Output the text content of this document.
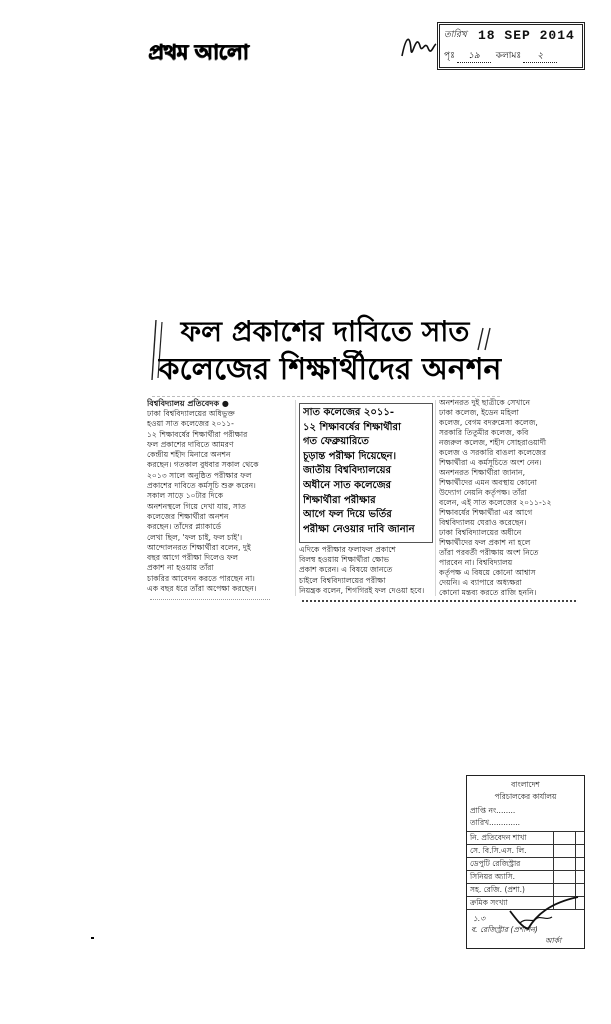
প্রথম আলো
তারিখ 18 SEP 2014
পৃঃ ১৯ কলামঃ ২
ফল প্রকাশের দাবিতে সাত
কলেজের শিক্ষার্থীদের অনশন
বিশ্ববিদ্যালয় প্রতিবেদক ●
ঢাকা বিশ্ববিদ্যালয়ের অধিভুক্ত
হওয়া সাত কলেজের ২০১১-
১২ শিক্ষাবর্ষের শিক্ষার্থীরা পরীক্ষার
ফল প্রকাশের দাবিতে আমরণ
কেন্দ্রীয় শহীদ মিনারে অনশন
করছেন। গতকাল বুধবার সকাল থেকে
২০১৩ সালে অনুষ্ঠিত পরীক্ষার ফল
প্রকাশের দাবিতে কর্মসূচি শুরু করেন।
সকাল সাড়ে ১০টার দিকে
অনশনস্থলে গিয়ে দেখা যায়, সাত
কলেজের শিক্ষার্থীরা অনশন
করছেন। তাঁদের প্ল্যাকার্ডে
লেখা ছিল, 'ফল চাই, ফল চাই'।
আন্দোলনরত শিক্ষার্থীরা বলেন, দুই
বছর আগে পরীক্ষা দিলেও ফল
প্রকাশ না হওয়ায় তাঁরা
চাকরির আবেদন করতে পারছেন না।
এক বছর ধরে তাঁরা অপেক্ষা করছেন।
সাত কলেজের ২০১১-
১২ শিক্ষাবর্ষের শিক্ষার্থীরা
গত ফেব্রুয়ারিতে
চূড়ান্ত পরীক্ষা দিয়েছেন।
জাতীয় বিশ্ববিদ্যালয়ের
অধীনে সাত কলেজের
শিক্ষার্থীরা পরীক্ষার
আগে ফল দিয়ে ভর্তির
পরীক্ষা নেওয়ার দাবি জানান
এদিকে পরীক্ষার ফলাফল প্রকাশে
বিলম্ব হওয়ায় শিক্ষার্থীরা ক্ষোভ
প্রকাশ করেন। এ বিষয়ে জানতে
চাইলে বিশ্ববিদ্যালয়ের পরীক্ষা
নিয়ন্ত্রক বলেন, শিগগিরই ফল দেওয়া হবে।
অনশনরত দুই ছাত্রীকে সেখানে
ঢাকা কলেজ, ইডেন মহিলা
কলেজ, বেগম বদরুন্নেসা কলেজ,
সরকারি তিতুমীর কলেজ, কবি
নজরুল কলেজ, শহীদ সোহরাওয়ার্দী
কলেজ ও সরকারি বাঙলা কলেজের
শিক্ষার্থীরা এ কর্মসূচিতে অংশ নেন।
অনশনরত শিক্ষার্থীরা জানান,
শিক্ষার্থীদের এমন অবস্থায় কোনো
উদ্যোগ নেয়নি কর্তৃপক্ষ। তাঁরা
বলেন, এই সাত কলেজের ২০১১-১২
শিক্ষাবর্ষের শিক্ষার্থীরা এর আগে
বিশ্ববিদ্যালয় ঘেরাও করেছেন।
ঢাকা বিশ্ববিদ্যালয়ের অধীনে
শিক্ষার্থীদের ফল প্রকাশ না হলে
তাঁরা পরবর্তী পরীক্ষায় অংশ নিতে
পারবেন না। বিশ্ববিদ্যালয়
কর্তৃপক্ষ এ বিষয়ে কোনো আশ্বাস
দেয়নি। এ ব্যাপারে অধ্যক্ষরা
কোনো মন্তব্য করতে রাজি হননি।
বাংলাদেশ
পরিচালকের কার্যালয়
প্রাপ্তি নং........
তারিখ.............
নি. প্রতিবেদন শাখা
সে. বি.সি.এস. লি.
ডেপুটি রেজিস্ট্রার
সিনিয়র অ্যাসি.
সহ. রেজি. (প্রশা.)
ক্রমিক সংখ্যা
১.৩
ব. রেজিস্ট্রার (প্রশাসন)
আর্কা
